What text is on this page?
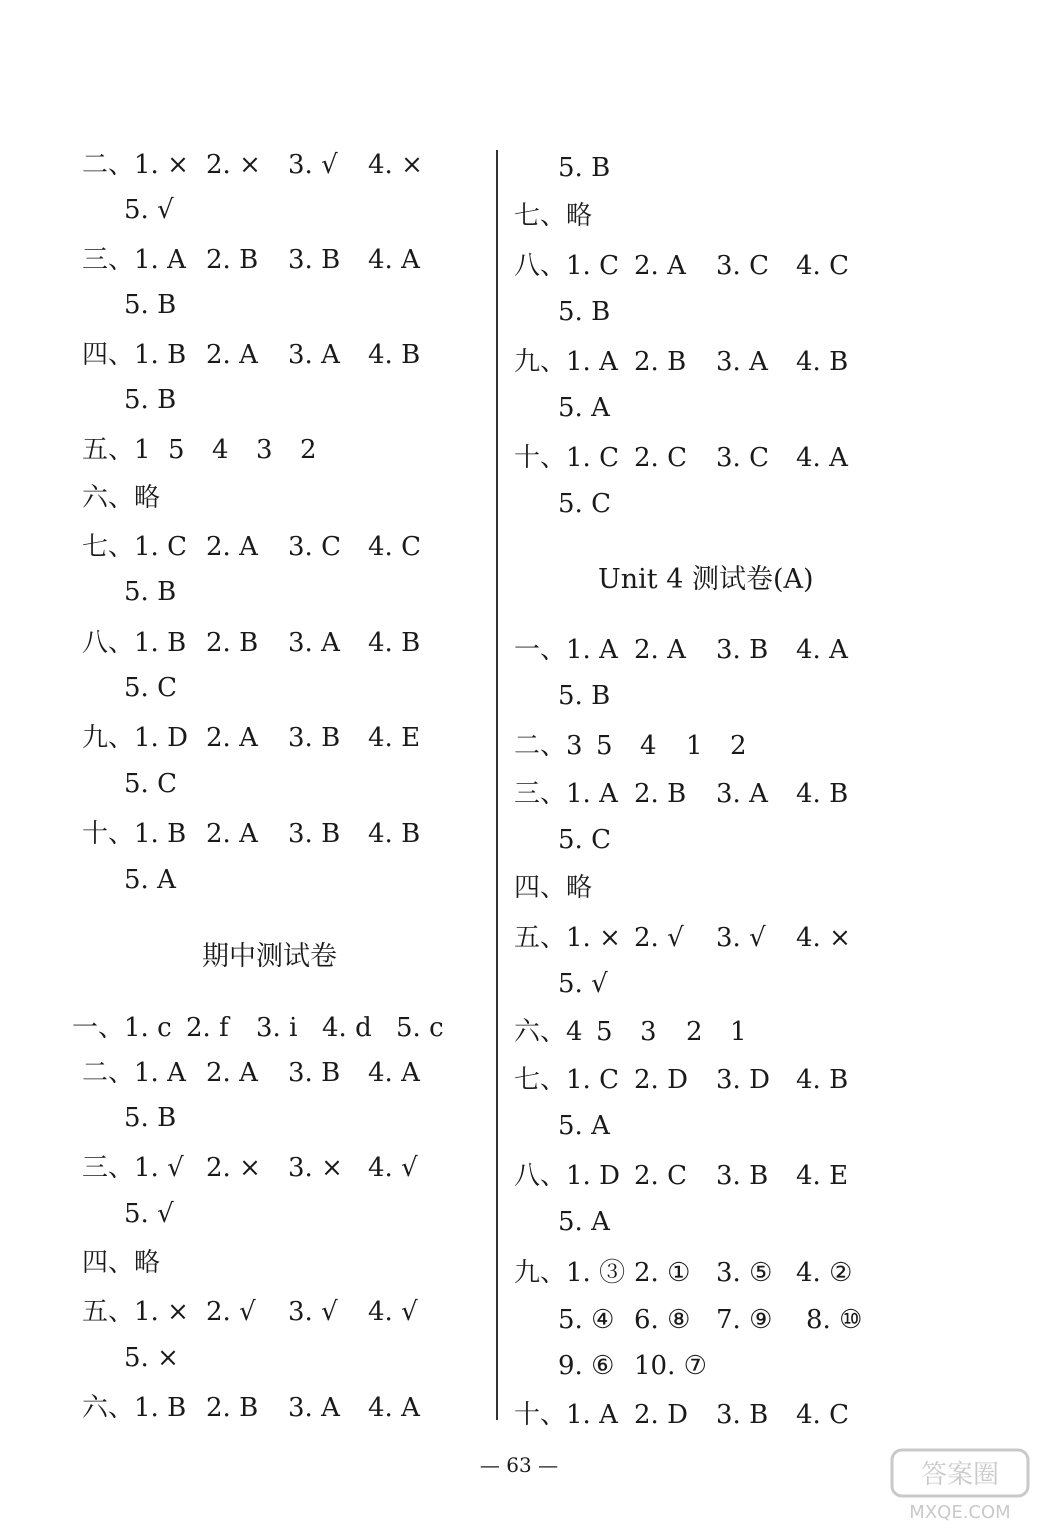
二、1. × 2. × 3. √ 4. ×
5. √
三、1. A 2. B 3. B 4. A
5. B
四、1. B 2. A 3. A 4. B
5. B
五、1 5 4 3 2
六、略
七、1. C 2. A 3. C 4. C
5. B
八、1. B 2. B 3. A 4. B
5. C
九、1. D 2. A 3. B 4. E
5. C
十、1. B 2. A 3. B 4. B
5. A
期中测试卷
一、1. c 2. f 3. i 4. d 5. c
二、1. A 2. A 3. B 4. A
5. B
三、1. √ 2. × 3. × 4. √
5. √
四、略
五、1. × 2. √ 3. √ 4. √
5. ×
六、1. B 2. B 3. A 4. A
5. B
七、略
八、1. C 2. A 3. C 4. C
5. B
九、1. A 2. B 3. A 4. B
5. A
十、1. C 2. C 3. C 4. A
5. C
Unit 4 测试卷(A)
一、1. A 2. A 3. B 4. A
5. B
二、3 5 4 1 2
三、1. A 2. B 3. A 4. B
5. C
四、略
五、1. × 2. √ 3. √ 4. ×
5. √
六、4 5 3 2 1
七、1. C 2. D 3. D 4. B
5. A
八、1. D 2. C 3. B 4. E
5. A
九、1. ③ 2. ① 3. ⑤ 4. ②
5. ④ 6. ⑧ 7. ⑨ 8. ⑩
9. ⑥ 10. ⑦
十、1. A 2. D 3. B 4. C
— 63 —	答案圈
MXQE.COM
